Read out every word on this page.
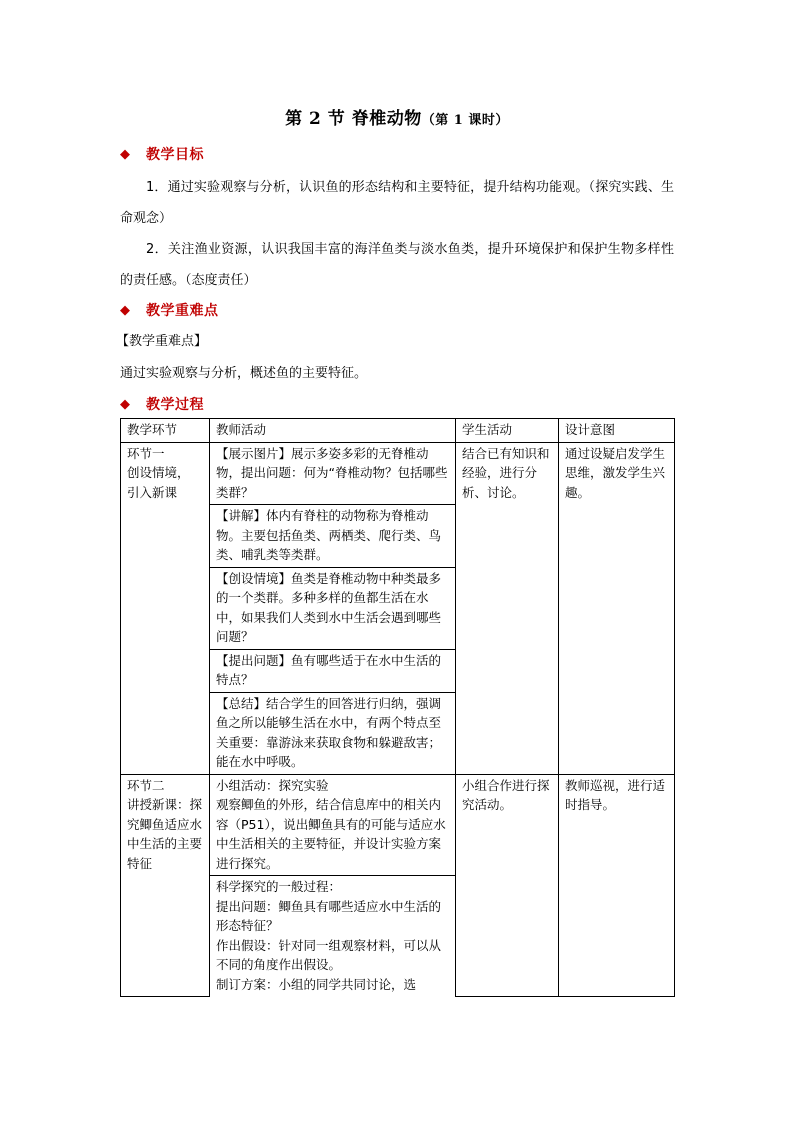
第 2 节 脊椎动物（第 1 课时）
◆ 教学目标
1．通过实验观察与分析，认识鱼的形态结构和主要特征，提升结构功能观。（探究实践、生命观念）
2．关注渔业资源，认识我国丰富的海洋鱼类与淡水鱼类，提升环境保护和保护生物多样性的责任感。（态度责任）
◆ 教学重难点
【教学重难点】
通过实验观察与分析，概述鱼的主要特征。
◆ 教学过程
教学环节	教师活动	学生活动	设计意图
环节一
创设情境，
引入新课	【展示图片】展示多姿多彩的无脊椎动物，提出问题：何为“脊椎动物？包括哪些类群？	结合已有知识和经验，进行分析、讨论。	通过设疑启发学生思维，激发学生兴趣。
	【讲解】体内有脊柱的动物称为脊椎动物。主要包括鱼类、两栖类、爬行类、鸟类、哺乳类等类群。		
	【创设情境】鱼类是脊椎动物中种类最多的一个类群。多种多样的鱼都生活在水中，如果我们人类到水中生活会遇到哪些问题？		
	【提出问题】鱼有哪些适于在水中生活的特点？		
	【总结】结合学生的回答进行归纳，强调鱼之所以能够生活在水中，有两个特点至关重要：靠游泳来获取食物和躲避敌害；能在水中呼吸。		
环节二
讲授新课：探究鲫鱼适应水中生活的主要特征	小组活动：探究实验
观察鲫鱼的外形，结合信息库中的相关内容（P51），说出鲫鱼具有的可能与适应水中生活相关的主要特征，并设计实验方案进行探究。	小组合作进行探究活动。	教师巡视，进行适时指导。
	科学探究的一般过程：
提出问题：鲫鱼具有哪些适应水中生活的形态特征？
作出假设：针对同一组观察材料，可以从不同的角度作出假设。
制订方案：小组的同学共同讨论，选		
